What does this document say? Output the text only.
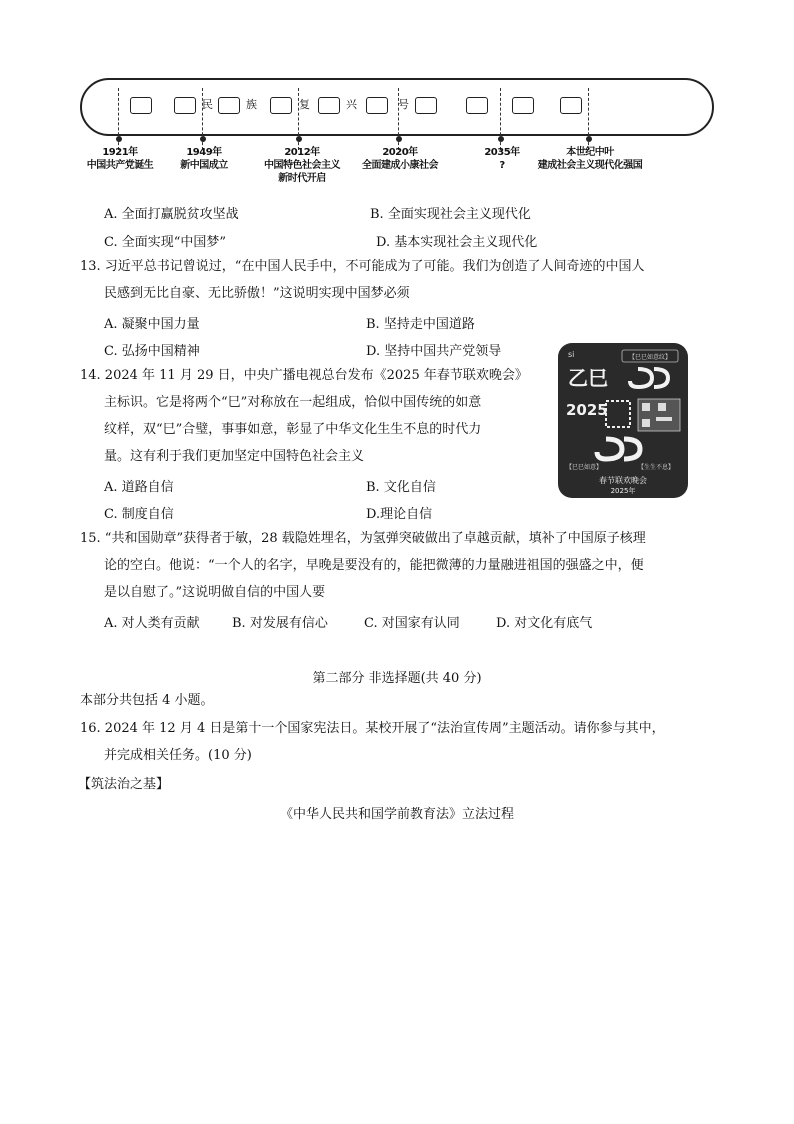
民	族	复	兴	号
1921年
中国共产党诞生
1949年
新中国成立
2012年
中国特色社会主义
新时代开启
2020年
全面建成小康社会
2035年
?
本世纪中叶
建成社会主义现代化强国
A. 全面打赢脱贫攻坚战	B. 全面实现社会主义现代化
C. 全面实现“中国梦”	D. 基本实现社会主义现代化
13. 习近平总书记曾说过，“在中国人民手中，不可能成为了可能。我们为创造了人间奇迹的中国人
民感到无比自豪、无比骄傲！”这说明实现中国梦必须
A. 凝聚中国力量	B. 坚持走中国道路
C. 弘扬中国精神	D. 坚持中国共产党领导
14. 2024 年 11 月 29 日，中央广播电视总台发布《2025 年春节联欢晚会》
主标识。它是将两个“巳”对称放在一起组成，恰似中国传统的如意
纹样，双“巳”合璧，事事如意，彰显了中华文化生生不息的时代力
量。这有利于我们更加坚定中国特色社会主义
A. 道路自信	B. 文化自信
C. 制度自信	D.理论自信
si	【巳巳如意纹】
乙巳
2025
【巳巳如意】	【生生不息】
春节联欢晚会
2025年
15. “共和国勋章”获得者于敏，28 载隐姓埋名，为氢弹突破做出了卓越贡献，填补了中国原子核理
论的空白。他说：“一个人的名字，早晚是要没有的，能把微薄的力量融进祖国的强盛之中，便
是以自慰了。”这说明做自信的中国人要
A. 对人类有贡献 B. 对发展有信心	C. 对国家有认同	D. 对文化有底气
第二部分 非选择题(共 40 分)
本部分共包括 4 小题。
16. 2024 年 12 月 4 日是第十一个国家宪法日。某校开展了“法治宣传周”主题活动。请你参与其中，
并完成相关任务。(10 分)
【筑法治之基】
《中华人民共和国学前教育法》立法过程
